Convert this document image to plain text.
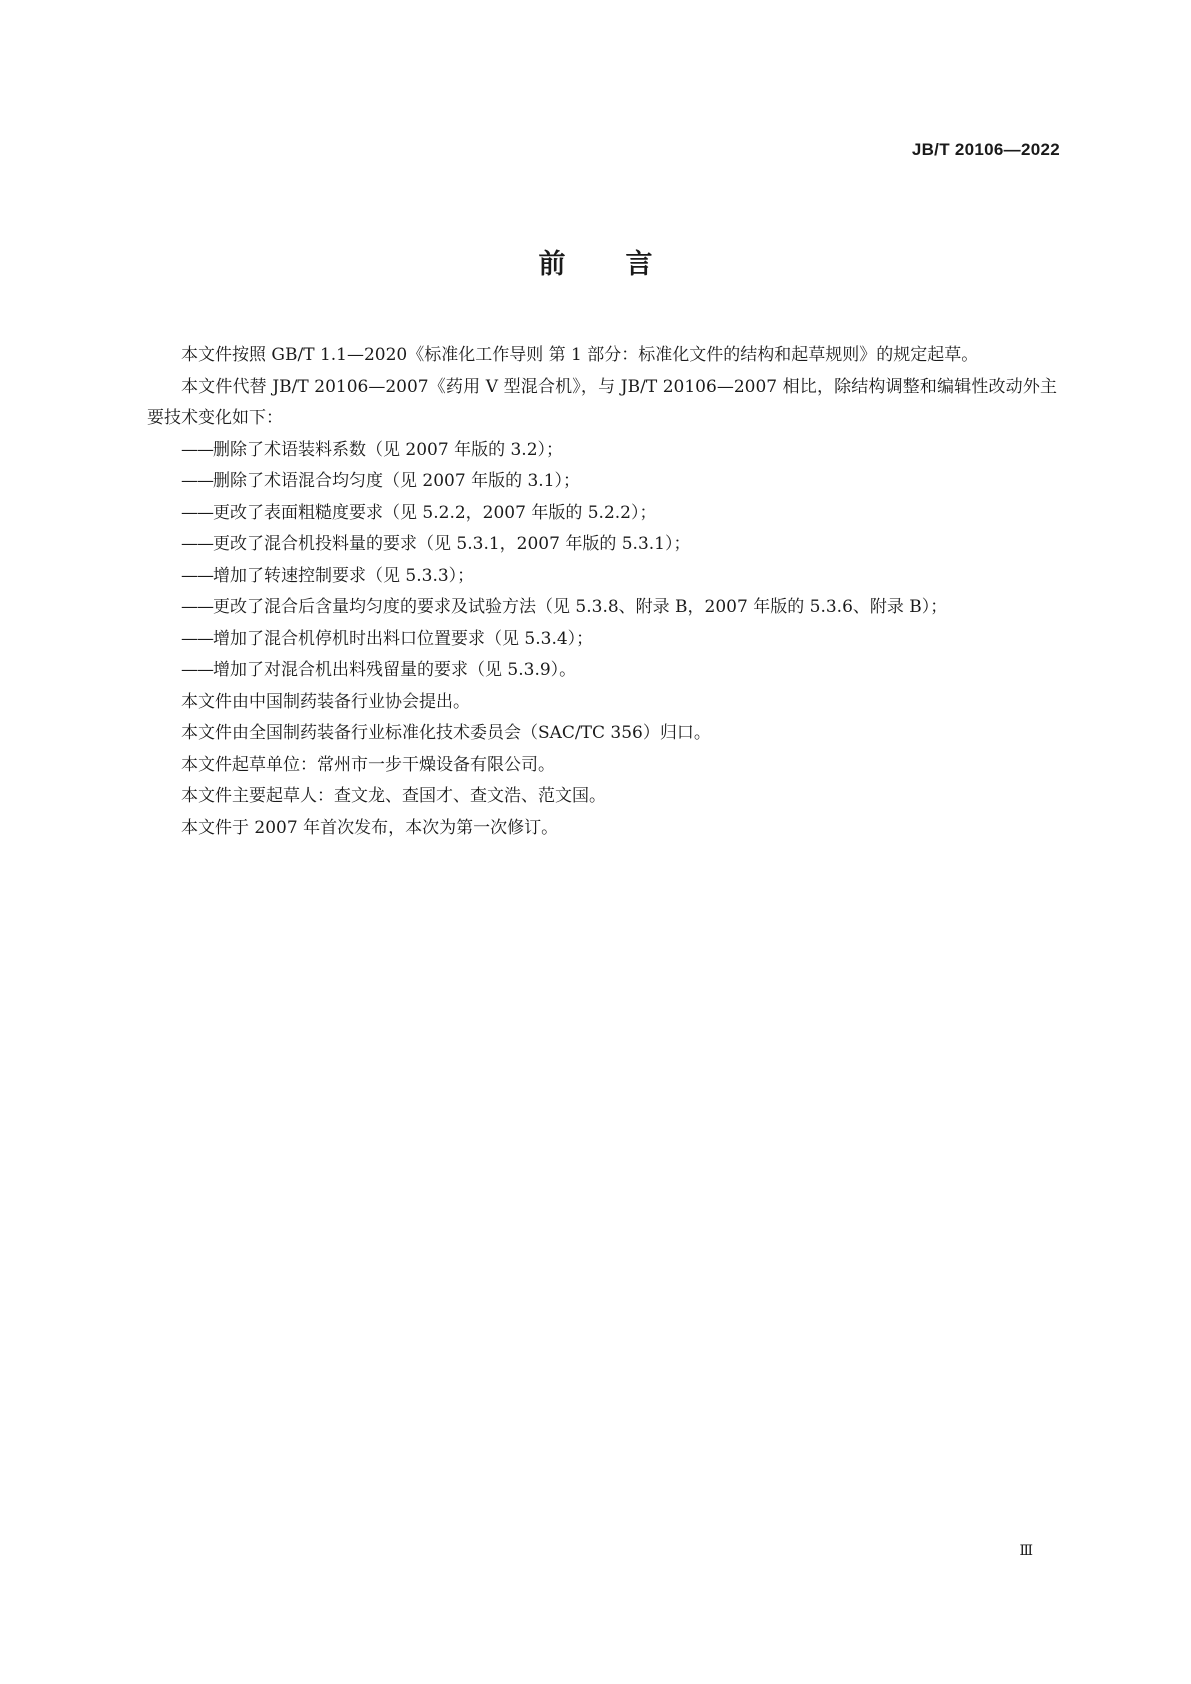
JB/T 20106—2022
前言

本文件按照 GB/T 1.1—2020《标准化工作导则 第 1 部分：标准化文件的结构和起草规则》的规定起草。

本文件代替 JB/T 20106—2007《药用 V 型混合机》，与 JB/T 20106—2007 相比，除结构调整和编辑性改动外主要技术变化如下：

——删除了术语装料系数（见 2007 年版的 3.2）；
——删除了术语混合均匀度（见 2007 年版的 3.1）；
——更改了表面粗糙度要求（见 5.2.2，2007 年版的 5.2.2）；
——更改了混合机投料量的要求（见 5.3.1，2007 年版的 5.3.1）；
——增加了转速控制要求（见 5.3.3）；
——更改了混合后含量均匀度的要求及试验方法（见 5.3.8、附录 B，2007 年版的 5.3.6、附录 B）；
——增加了混合机停机时出料口位置要求（见 5.3.4）；
——增加了对混合机出料残留量的要求（见 5.3.9）。

本文件由中国制药装备行业协会提出。

本文件由全国制药装备行业标准化技术委员会（SAC/TC 356）归口。

本文件起草单位：常州市一步干燥设备有限公司。

本文件主要起草人：查文龙、查国才、查文浩、范文国。

本文件于 2007 年首次发布，本次为第一次修订。

Ⅲ
